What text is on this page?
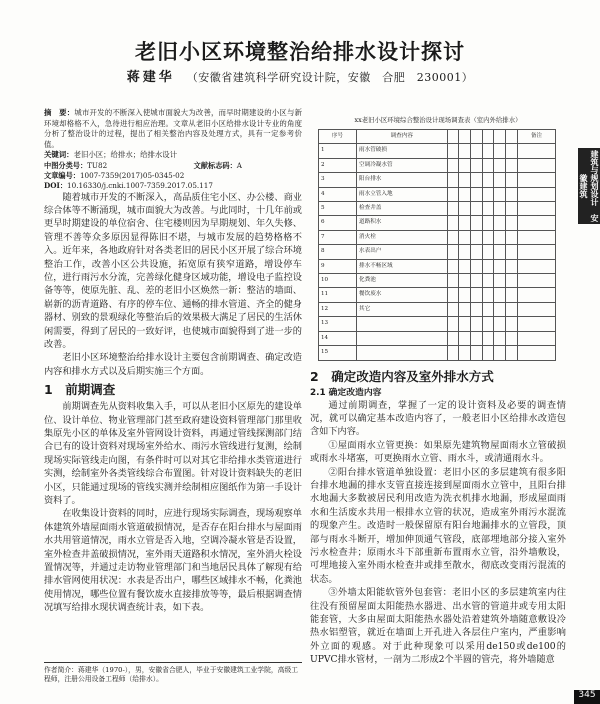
老旧小区环境整治给排水设计探讨
蒋建华 （安徽省建筑科学研究设计院，安徽　合肥　230001）

摘　要：城市开发的不断深入使城市面貌大为改善，而早时期建设的小区与新环境却格格不入，急待进行相应治理。文章从老旧小区给排水设计专业的角度分析了整治设计的过程，提出了相关整治内容及处理方式，具有一定参考价值。

关键词：老旧小区；给排水；给排水设计

中图分类号：TU82	文献标志码：A
文章编号：1007-7359(2017)05-0345-02
DOI：10.16330/j.cnki.1007-7359.2017.05.117

随着城市开发的不断深入，高品质住宅小区、办公楼、商业综合体等不断涌现，城市面貌大为改善。与此同时，十几年前或更早时期建设的单位宿舍、住宅楼则因为早期规划、年久失修、管理不善等众多原因显得陈旧不堪，与城市发展的趋势格格不入。近年来，各地政府针对各类老旧的居民小区开展了综合环境整治工作，改善小区公共设施，拓宽原有狭窄道路，增设停车位，进行雨污水分流，完善绿化健身区域功能，增设电子监控设备等等，使原先脏、乱、差的老旧小区焕然一新：整洁的墙面、崭新的沥青道路、有序的停车位、通畅的排水管道、齐全的健身器材、别致的景观绿化等整治后的效果极大满足了居民的生活休闲需要，得到了居民的一致好评，也使城市面貌得到了进一步的改善。

老旧小区环境整治给排水设计主要包含前期调查、确定改造内容和排水方式以及后期实施三个方面。

1　前期调查

前期调查先从资料收集入手，可以从老旧小区原先的建设单位、设计单位、物业管理部门甚至政府建设资料管理部门那里收集原先小区的单体及室外管网设计资料，再通过管线探测部门结合已有的设计资料对现场室外给水、雨污水管线进行复测，绘制现场实际管线走向图，有条件时可以对其它非给排水类管道进行实测，绘制室外各类管线综合布置图。针对设计资料缺失的老旧小区，只能通过现场的管线实测并绘制相应图纸作为第一手设计资料了。

在收集设计资料的同时，应进行现场实际调查，现场观察单体建筑外墙屋面雨水管道破损情况，是否存在阳台排水与屋面雨水共用管道情况，雨水立管是否入地，空调冷凝水管是否设置，室外检查井盖破损情况，室外雨天道路积水情况，室外消火栓设置情况等，并通过走访物业管理部门和当地居民具体了解现有给排水管网使用状况：水表是否出户，哪些区域排水不畅，化粪池使用情况，哪些位置有餐饮废水直接排放等等，最后根据调查情况填写给排水现状调查统计表，如下表。

xx老旧小区环境综合整治设计现场调查表（室内外给排水）
序号	调查内容							备注
1	雨水管破损							
2	空调冷凝水管							
3	阳台排水							
4	雨水立管入地							
5	检查井盖							
6	道路积水							
7	消火栓							
8	水表出户							
9	排水不畅区域							
10	化粪池							
11	餐饮废水							
12	其它							
13								
14								
15								
2　确定改造内容及室外排水方式
2.1 确定改造内容

通过前期调查，掌握了一定的设计资料及必要的调查情况，就可以确定基本改造内容了，一般老旧小区给排水改造包含如下内容。

①屋面雨水立管更换：如果原先建筑物屋面雨水立管破损或雨水斗堵塞，可更换雨水立管、雨水斗，或清通雨水斗。

②阳台排水管道单独设置：老旧小区的多层建筑有很多阳台排水地漏的排水支管直接连接到屋面雨水立管中，且阳台排水地漏大多数被居民利用改造为洗衣机排水地漏，形成屋面雨水和生活废水共用一根排水立管的状况，造成室外雨污水混流的现象产生。改造时一般保留原有阳台地漏排水的立管段，顶部与雨水斗断开，增加伸顶通气管段，底部埋地部分接入室外污水检查井；原雨水斗下部重新布置雨水立管，沿外墙敷设，可埋地接入室外雨水检查井或排至散水，彻底改变雨污混流的状态。

③外墙太阳能软管外包套管：老旧小区的多层建筑室内往往没有预留屋面太阳能热水器进、出水管的管道井或专用太阳能套管，大多由屋面太阳能热水器处沿着建筑外墙随意敷设冷热水铝塑管，就近在墙面上开孔进入各层住户室内，严重影响外立面的观感。对于此种现象可以采用de150或de100的UPVC排水管材，一剖为二形成2个半圆的管壳，将外墙随意

作者简介：蒋建华（1970-），男，安徽省合肥人，毕业于安徽建筑工业学院，高级工程师，注册公用设备工程师（给排水）。
建筑与规划设计　安徽建筑
345
